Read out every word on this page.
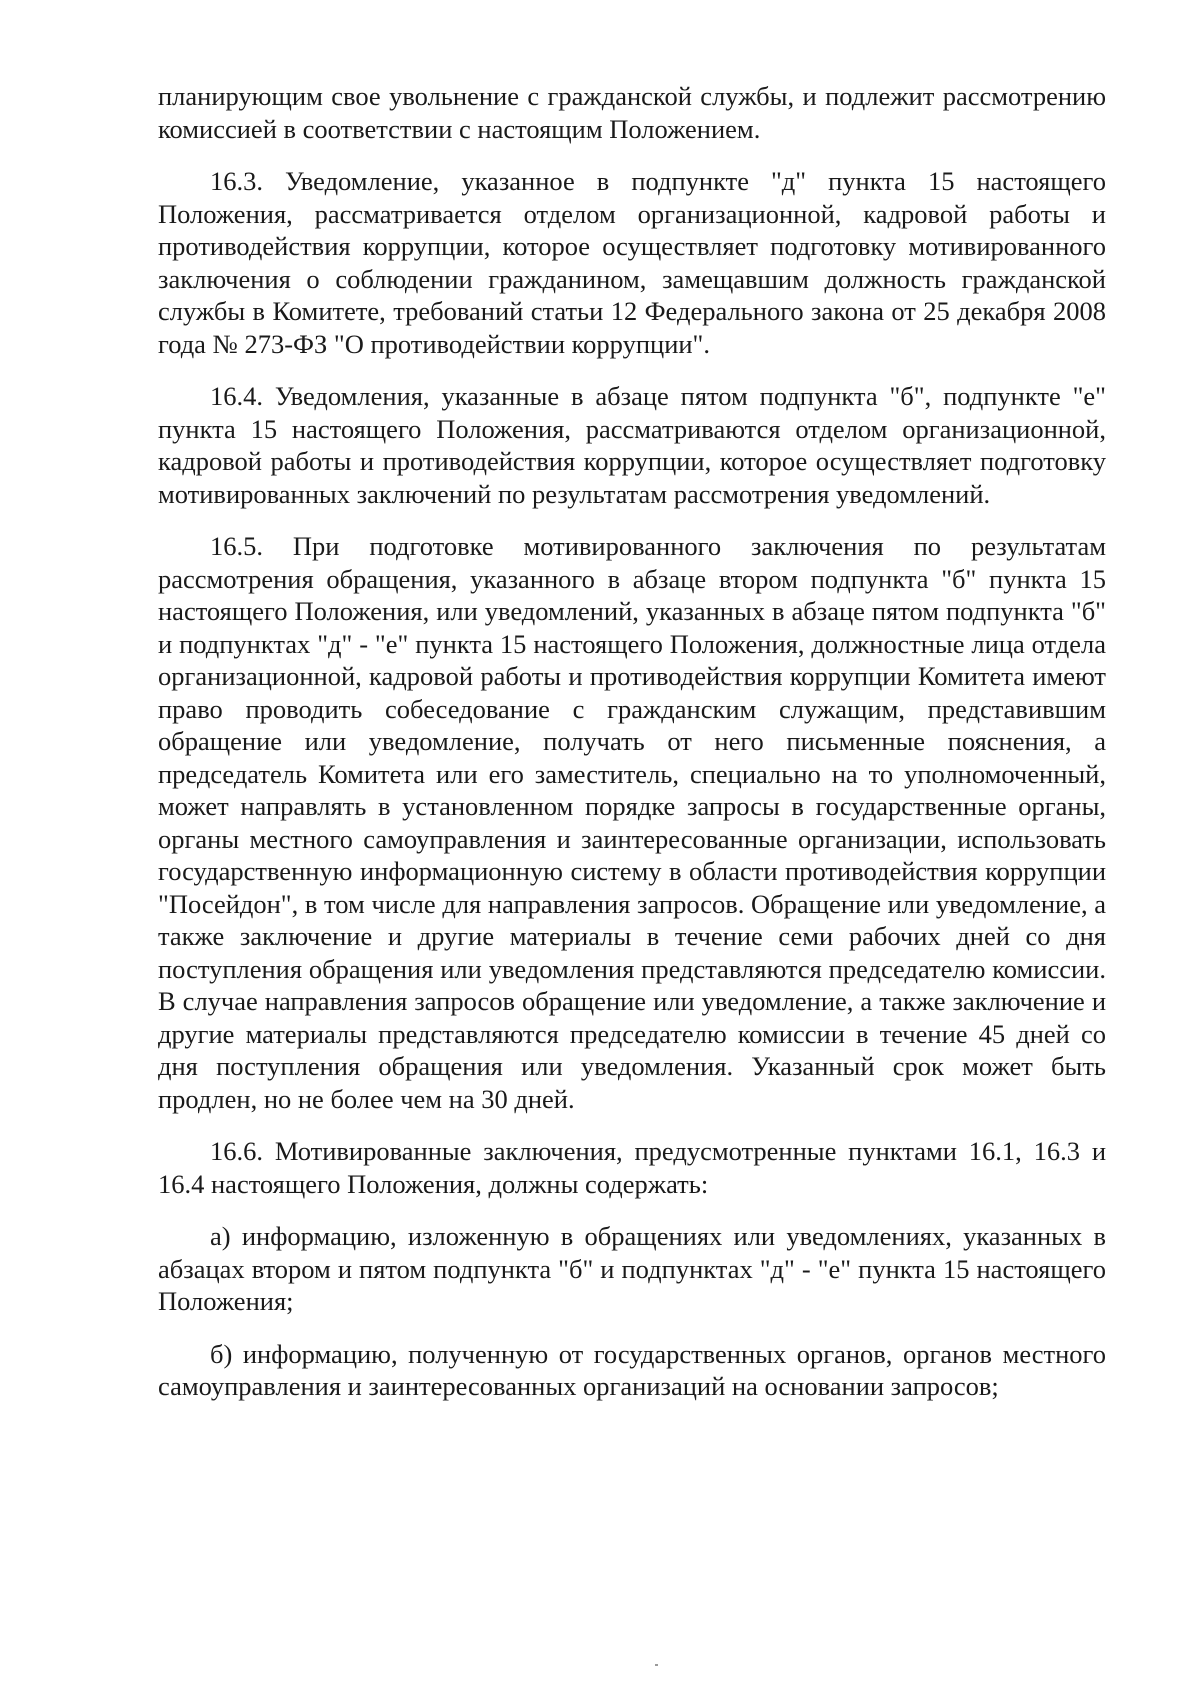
планирующим свое увольнение с гражданской службы, и подлежит рассмотрению комиссией в соответствии с настоящим Положением.

16.3. Уведомление, указанное в подпункте "д" пункта 15 настоящего Положения, рассматривается отделом организационной, кадровой работы и противодействия коррупции, которое осуществляет подготовку мотивированного заключения о соблюдении гражданином, замещавшим должность гражданской службы в Комитете, требований статьи 12 Федерального закона от 25 декабря 2008 года № 273-ФЗ "О противодействии коррупции".

16.4. Уведомления, указанные в абзаце пятом подпункта "б", подпункте "е" пункта 15 настоящего Положения, рассматриваются отделом организационной, кадровой работы и противодействия коррупции, которое осуществляет подготовку мотивированных заключений по результатам рассмотрения уведомлений.

16.5. При подготовке мотивированного заключения по результатам рассмотрения обращения, указанного в абзаце втором подпункта "б" пункта 15 настоящего Положения, или уведомлений, указанных в абзаце пятом подпункта "б" и подпунктах "д" - "е" пункта 15 настоящего Положения, должностные лица отдела организационной, кадровой работы и противодействия коррупции Комитета имеют право проводить собеседование с гражданским служащим, представившим обращение или уведомление, получать от него письменные пояснения, а председатель Комитета или его заместитель, специально на то уполномоченный, может направлять в установленном порядке запросы в государственные органы, органы местного самоуправления и заинтересованные организации, использовать государственную информационную систему в области противодействия коррупции "Посейдон", в том числе для направления запросов. Обращение или уведомление, а также заключение и другие материалы в течение семи рабочих дней со дня поступления обращения или уведомления представляются председателю комиссии. В случае направления запросов обращение или уведомление, а также заключение и другие материалы представляются председателю комиссии в течение 45 дней со дня поступления обращения или уведомления. Указанный срок может быть продлен, но не более чем на 30 дней.

16.6. Мотивированные заключения, предусмотренные пунктами 16.1, 16.3 и 16.4 настоящего Положения, должны содержать:

а) информацию, изложенную в обращениях или уведомлениях, указанных в абзацах втором и пятом подпункта "б" и подпунктах "д" - "е" пункта 15 настоящего Положения;

б) информацию, полученную от государственных органов, органов местного самоуправления и заинтересованных организаций на основании запросов;
